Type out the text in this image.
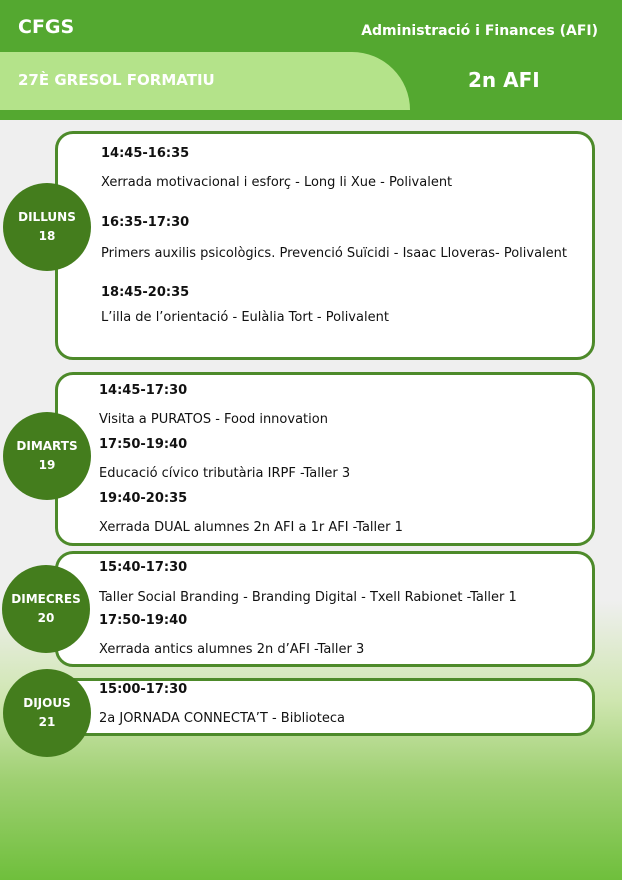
CFGS	Administració i Finances (AFI)
27È GRESOL FORMATIU	2n AFI
DILLUNS
18
14:45-16:35
Xerrada motivacional i esforç - Long li Xue - Polivalent
16:35-17:30
Primers auxilis psicològics. Prevenció Suïcidi - Isaac Lloveras- Polivalent
18:45-20:35
L’illa de l’orientació - Eulàlia Tort - Polivalent
DIMARTS
19
14:45-17:30
Visita a PURATOS - Food innovation
17:50-19:40
Educació cívico tributària IRPF -Taller 3
19:40-20:35
Xerrada DUAL alumnes 2n AFI a 1r AFI -Taller 1
DIMECRES
20
15:40-17:30
Taller Social Branding - Branding Digital - Txell Rabionet -Taller 1
17:50-19:40
Xerrada antics alumnes 2n d’AFI -Taller 3
DIJOUS
21
15:00-17:30
2a JORNADA CONNECTA’T - Biblioteca
